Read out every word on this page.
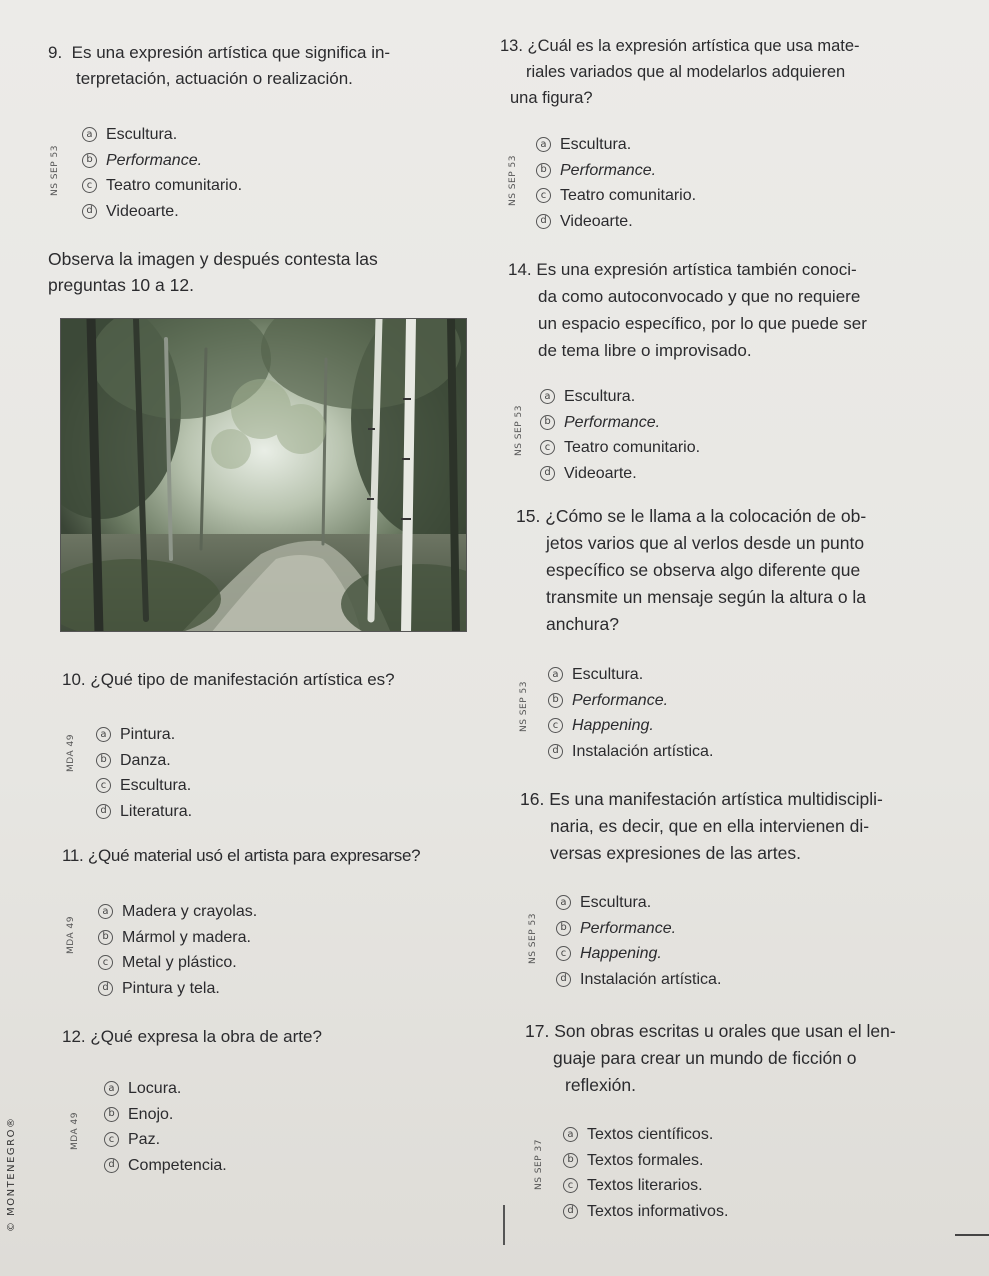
9. Es una expresión artística que significa in-
terpretación, actuación o realización.
NS SEP 53
a Escultura.
b Performance.
c Teatro comunitario.
d Videoarte.
Observa la imagen y después contesta las
preguntas 10 a 12.
10. ¿Qué tipo de manifestación artística es?
MDA 49	a Pintura.
b Danza.
c Escultura.
d Literatura.
11. ¿Qué material usó el artista para expresarse?
MDA 49
a Madera y crayolas.
b Mármol y madera.
c Metal y plástico.
d Pintura y tela.
12. ¿Qué expresa la obra de arte?
MDA 49
a Locura.
b Enojo.
c Paz.
d Competencia.
13. ¿Cuál es la expresión artística que usa mate-
riales variados que al modelarlos adquieren
una figura?
NS SEP 53
a Escultura.
b Performance.
c Teatro comunitario.
d Videoarte.
14. Es una expresión artística también conoci-
da como autoconvocado y que no requiere
un espacio específico, por lo que puede ser
de tema libre o improvisado.
NS SEP 53
a Escultura.
b Performance.
c Teatro comunitario.
d Videoarte.
15. ¿Cómo se le llama a la colocación de ob-
jetos varios que al verlos desde un punto
específico se observa algo diferente que
transmite un mensaje según la altura o la
anchura?
NS SEP 53
a Escultura.
b Performance.
c Happening.
d Instalación artística.
16. Es una manifestación artística multidiscipli-
naria, es decir, que en ella intervienen di-
versas expresiones de las artes.
NS SEP 53
a Escultura.
b Performance.
c Happening.
d Instalación artística.
17. Son obras escritas u orales que usan el len-
guaje para crear un mundo de ficción o
reflexión.
NS SEP 37
a Textos científicos.
b Textos formales.
c Textos literarios.
d Textos informativos.
© MONTENEGRO®
